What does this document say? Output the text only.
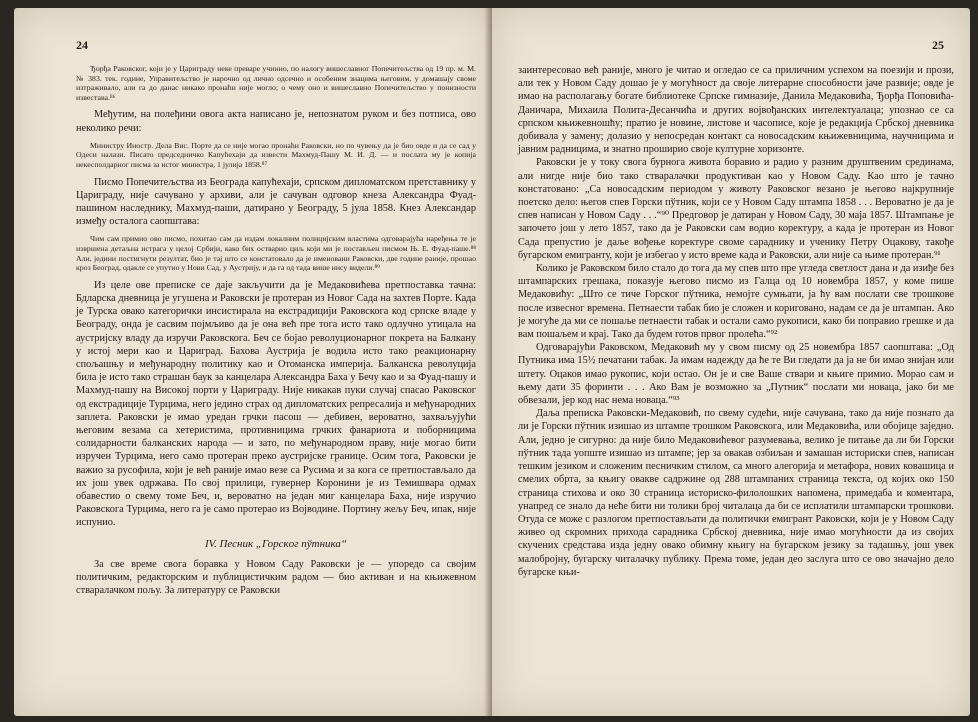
24

Ђорђа Раковског, који је у Цариграду неке преваре учинио, по налогу вишеславног Попечитељства од 19 пр. м. М. № 383. тек. године, Управитељство је нарочно од лично одсечно и особеним знацима његовим, у домашају своме изтраживало, али га до данас никако пронаћи није могло; о чему оно и вишеславно Попечитељство у понизности известава.⁸⁶

Међутим, на полеђини овога акта написано је, непознатом руком и без потписа, ово неколико речи:

Министру Иностр. Дела Вис. Порте да се није могао пронаћи Раковски, но по чувењу да је био овде и да се сад у Одеси налази. Писато председничко Капућехаји да извести Махмуд-Пашу М. И. Д. — и послата му је копија некесполдарног писма за истог министра, 1 јулија 1858.⁸⁷

Писмо Попечитељства из Београда капућехаји, српском дипломатском претставнику у Цариграду, није сачувано у архиви, али је сачуван одговор кнеза Александра Фуад-пашином наследнику, Махмуд-паши, датирано у Београду, 5 јула 1858. Кнез Александар између осталога саопштава:

Чим сам примио ово писмо, похитао сам да издам локалним полицијским властима одговарајућа наређења те је извршена детаљна истрага у целој Србији, како бих остварио циљ који ми је постављен писмом Њ. Е. Фуад-паше.⁸⁸ Али, једини постигнути резултат, био је тај што се констатовало да је именовани Раковски, две године раније, прошао кроз Београд, одакле се упутио у Нови Сад, у Аустрију, и да га од тада више нису видели.⁸⁹

Из целе ове преписке се даје закључити да је Медаковићева претпоставка тачна: Бдларска дневница је угушена и Раковски је протеран из Новог Сада на захтев Порте. Када је Турска овако категорички инсистирала на екстрадицији Раковскога код српске владе у Београду, онда је сасвим појмљиво да је она већ пре тога исто тако одлучно утицала на аустријску владу да изручи Раковскога. Беч се бојао револуционарног покрета на Балкану у истој мери као и Цариград. Бахова Аустрија је водила исто тако реакционарну спољашњу и међународну политику као и Отоманска империја. Балканска револуција била је исто тако страшан баук за канцелара Александра Баха у Бечу као и за Фуад-пашу и Махмуд-пашу на Високој порти у Цариграду. Није никакав пуки случај спасао Раковског од екстрадиције Турцима, него једино страх од дипломатских репресалија и међународних заплета. Раковски је имао уредан грчки пасош — дебивен, вероватно, захваљујући његовим везама са хетеристима, противницима грчких фанариота и поборницима солидарности балканских народа — и зато, по међународном праву, није могао бити изручен Турцима, него само протеран преко аустријске границе. Осим тога, Раковски је важио за русофила, који је већ раније имао везе са Русима и за кога се претпостављало да их још увек одржава. По свој прилици, гувернер Коронини је из Темишвара одмах обавестио о свему томе Беч, и, вероватно на један миг канцелара Баха, није изручио Раковскога Турцима, него га је само протерао из Војводине. Портину жељу Беч, ипак, није испунио.

IV. Песник „Горскoг пўтника“

За све време свога боравка у Новом Саду Раковски је — упоредо са својим политичким, редакторским и публицистичким радом — био активан и на књижевном стваралачком пољу. За литературу се Раковски

25

заинтересовао већ раније, много је читао и огледао се са приличним успехом на поезији и прози, али тек у Новом Саду дошао је у могућност да своје литерарне способности јаче развије; овде је имао на располагању богате библиотеке Српске гимназије, Данила Медаковића, Ђорђа Поповића-Даничара, Михаила Полита-Десанчића и других војвођанских интелектуалаца; упознао се са српском књижевношћу; пратио је новине, листове и часописе, које је редакција Србскoј дневника добивала у замену; долазио у непосредан контакт са новосадским књижевницима, научницима и јавним радницима, и знатно проширио своје културне хоризонте.

Раковски је у току свога бурнога живота боравио и радио у разним друштвеним срединама, али нигде није био тако стваралачки продуктиван као у Новом Саду. Као што је тачно констатовано: „Са новосадским периодом у животу Раковског везано је његово најкрупније поетско дело: његов спев Горски пўтник, који се у Новом Саду штампа 1858 . . . Вероватно је да је спев написан у Новом Саду . . .“⁹⁰ Предговор је датиран у Новом Саду, 30 маја 1857. Штампање је започето још у лето 1857, тако да је Раковски сам водио коректуру, а када је протеран из Новог Сада препустио је даље вођење коректуре своме сараднику и ученику Петру Оцакову, такође бугарском емигранту, који је избегао у исто време када и Раковски, али није са њиме протеран.⁹¹

Колико је Раковском било стало до тога да му спев што пре угледа светлост дана и да изиђе без штампарских грешака, показује његово писмо из Галца од 10 новембра 1857, у коме пише Медаковићу: „Што се тиче Горскoг пўтника, немојте сумњати, ја ћу вам послати све трошкове после извесног времена. Петнаести табак био је сложен и кориговано, надам се да је штампан. Ако је могуће да ми се пошаље петнаести табак и остали само рукописи, како би поправио грешке и да вам пошаљем и крај. Тако да будем готов првог пролећа.“⁹²

Одговарајући Раковском, Медаковић му у свом писму од 25 новембра 1857 саопштава: „Од Путника има 15½ печатани табак. Ја имам надежду да ће те Ви гледати да ја не би имао знијан или штету. Оцаков имао рукопис, који остао. Он је и све Ваше ствари и књиге примио. Морао сам и њему дати 35 форинти . . . Ако Вам је возможно за „Путник“ послати ми новаца, јако би ме обвезали, јер код нас нема новаца.“⁹³

Даља преписка Раковски-Медаковић, по свему судећи, није сачувана, тако да није познато да ли је Горски пўтник изишао из штампе трошком Раковскога, или Медаковића, или обојице заједно. Али, једно је сигурно: да није било Медаковићевог разумевања, велико је питање да ли би Горски пўтник тада уопште изишао из штампе; јер за овакав озбиљан и замашан историски спев, написан тешким језиком и сложеним песничким стилом, са много алегорија и метафора, нових ковашица и смелих обрта, за књигу овакве садржине од 288 штампаних страница текста, од којих око 150 страница стихова и око 30 страница историско-филолошких напомена, примедаба и коментара, унапред се знало да неће бити ни толики број читалаца да би се исплатили штампарски трошкови. Отуда се може с разлогом претпостављати да политички емигрант Раковски, који је у Новом Саду живео од скромних прихода сарадника Србскoј дневника, није имао могућности да из својих скучених средстава изда једну овако обимну књигу на бугарском језику за тадашњу, још увек малобројну, бугарску читалачку публику. Према томе, један део заслуга што се ово значајно дело бугарске књи-
